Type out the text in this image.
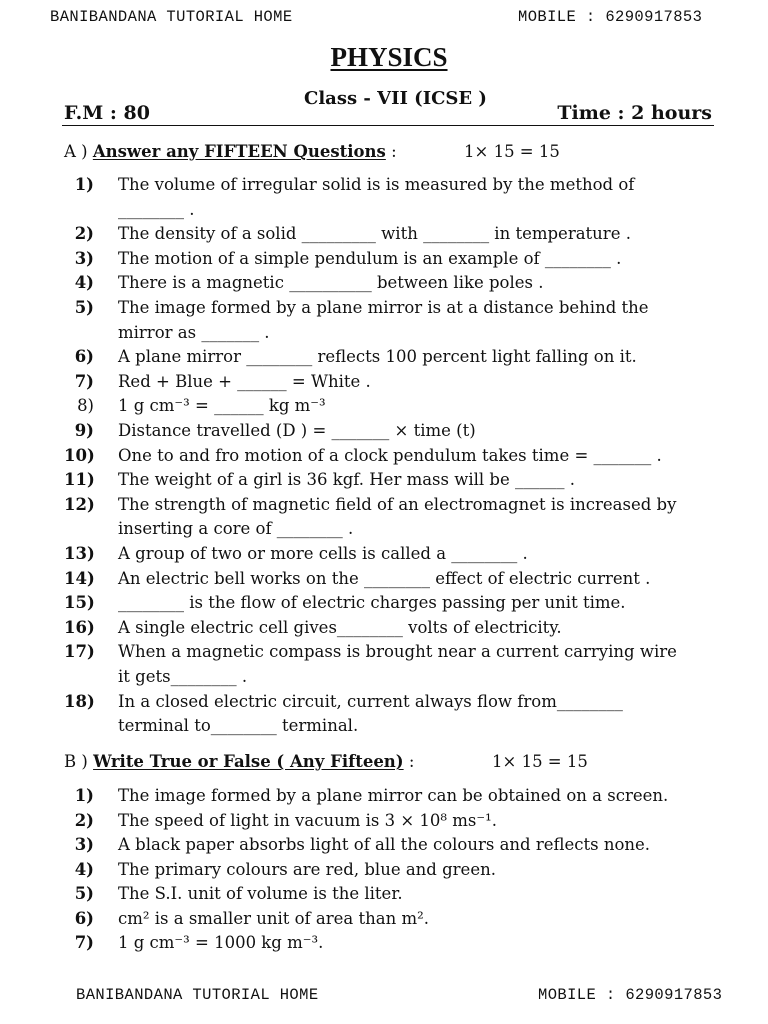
BANIBANDANA TUTORIAL HOME	MOBILE : 6290917853
PHYSICS
Class - VII (ICSE )
F.M : 80	Time : 2 hours
A ) Answer any FIFTEEN Questions :	1× 15 = 15
1) The volume of irregular solid is is measured by the method of
________ .
2) The density of a solid _________ with ________ in temperature .
3) The motion of a simple pendulum is an example of ________ .
4) There is a magnetic __________ between like poles .
5) The image formed by a plane mirror is at a distance behind the
mirror as _______ .
6) A plane mirror ________ reflects 100 percent light falling on it.
7) Red + Blue + ______ = White .
8) 1 g cm⁻³ = ______ kg m⁻³
9) Distance travelled (D ) = _______ × time (t)
10) One to and fro motion of a clock pendulum takes time = _______ .
11) The weight of a girl is 36 kgf. Her mass will be ______ .
12) The strength of magnetic field of an electromagnet is increased by
inserting a core of ________ .
13) A group of two or more cells is called a ________ .
14) An electric bell works on the ________ effect of electric current .
15) ________ is the flow of electric charges passing per unit time.
16) A single electric cell gives________ volts of electricity.
17) When a magnetic compass is brought near a current carrying wire
it gets________ .
18) In a closed electric circuit, current always flow from________
terminal to________ terminal.
B ) Write True or False ( Any Fifteen) :	1× 15 = 15
1) The image formed by a plane mirror can be obtained on a screen.
2) The speed of light in vacuum is 3 × 10⁸ ms⁻¹.
3) A black paper absorbs light of all the colours and reflects none.
4) The primary colours are red, blue and green.
5) The S.I. unit of volume is the liter.
6) cm² is a smaller unit of area than m².
7) 1 g cm⁻³ = 1000 kg m⁻³.
BANIBANDANA TUTORIAL HOME	MOBILE : 6290917853
